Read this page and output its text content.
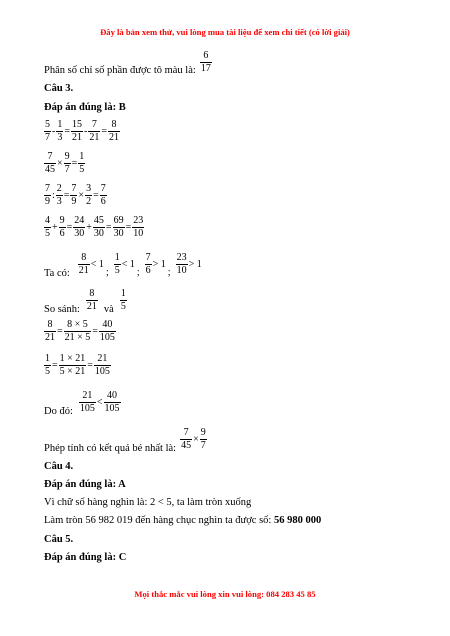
Đây là bản xem thử, vui lòng mua tài liệu để xem chi tiết (có lời giải)
Phân số chỉ số phần được tô màu là: $\frac{6}{17}$
Câu 3.
Đáp án đúng là: B
$\frac{5}{7} - \frac{1}{3} = \frac{15}{21} - \frac{7}{21} = \frac{8}{21}$
$\frac{7}{45} \times \frac{9}{7} = \frac{1}{5}$
$\frac{7}{9}$ : $\frac{2}{3} = \frac{7}{9} \times \frac{3}{2} = \frac{7}{6}$
$\frac{4}{5} + \frac{9}{6} = \frac{24}{30} + \frac{45}{30} = \frac{69}{30} = \frac{23}{10}$
Ta có: $\frac{8}{21} < 1$
; $\frac{1}{5} < 1$
; $\frac{7}{6} > 1$
; $\frac{23}{10} > 1$
So sánh: $\frac{8}{21}$ và $\frac{1}{5}$
$\frac{8}{21} = \frac{8 \times 5}{21 \times 5} = \frac{40}{105}$
$\frac{1}{5} = \frac{1 \times 21}{5 \times 21} = \frac{21}{105}$
Do đó: $\frac{21}{105} < \frac{40}{105}$
Phép tính có kết quả bé nhất là: $\frac{7}{45} \times \frac{9}{7}$
Câu 4.
Đáp án đúng là: A
Vì chữ số hàng nghìn là: 2 < 5, ta làm tròn xuống
Làm tròn 56 982 019 đến hàng chục nghìn ta được số: 56 980 000
Câu 5.
Đáp án đúng là: C
Mọi thắc mắc vui lòng xin vui lòng: 084 283 45 85
